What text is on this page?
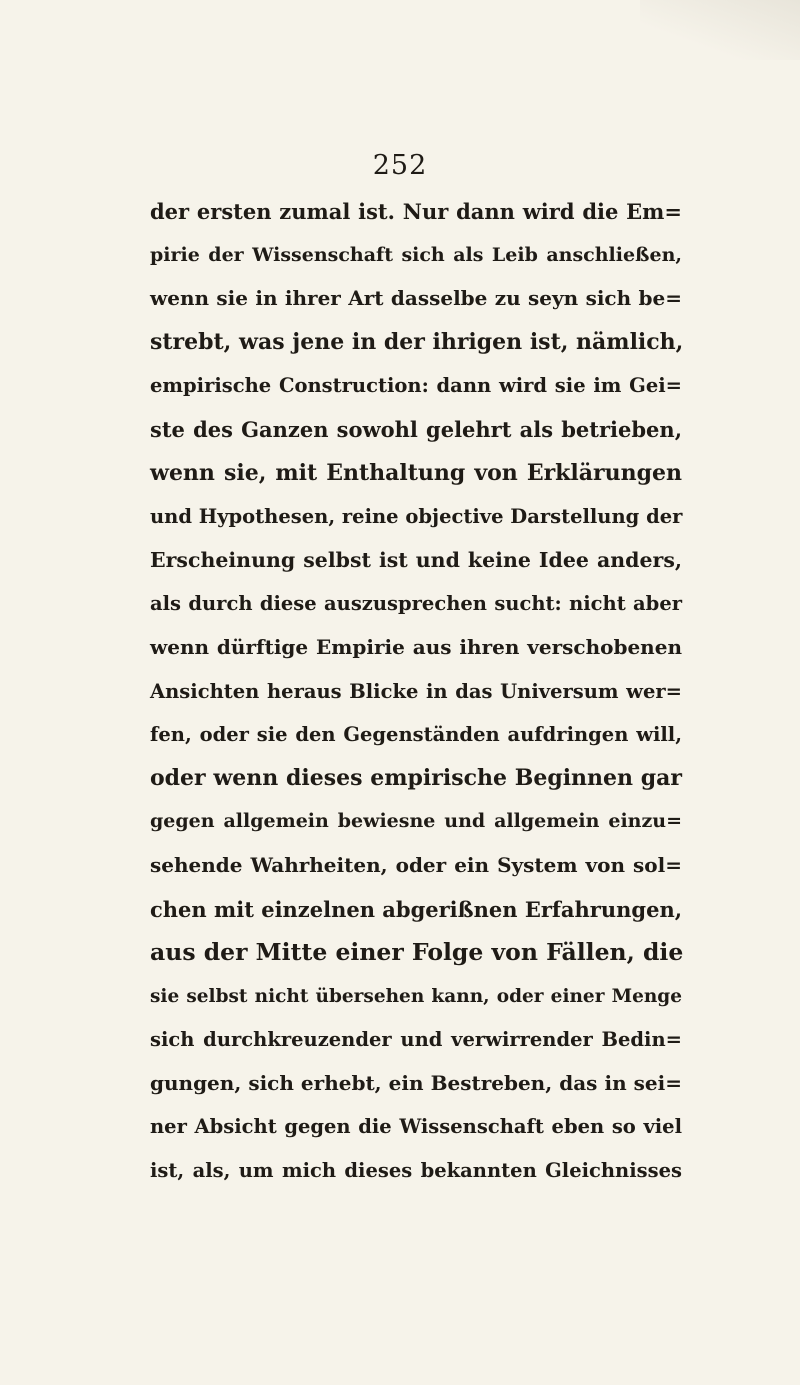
252
der ersten zumal ist. Nur dann wird die Em=
pirie der Wissenschaft sich als Leib anschließen,
wenn sie in ihrer Art dasselbe zu seyn sich be=
strebt, was jene in der ihrigen ist, nämlich,
empirische Construction: dann wird sie im Gei=
ste des Ganzen sowohl gelehrt als betrieben,
wenn sie, mit Enthaltung von Erklärungen
und Hypothesen, reine objective Darstellung der
Erscheinung selbst ist und keine Idee anders,
als durch diese auszusprechen sucht: nicht aber
wenn dürftige Empirie aus ihren verschobenen
Ansichten heraus Blicke in das Universum wer=
fen, oder sie den Gegenständen aufdringen will,
oder wenn dieses empirische Beginnen gar
gegen allgemein bewiesne und allgemein einzu=
sehende Wahrheiten, oder ein System von sol=
chen mit einzelnen abgerißnen Erfahrungen,
aus der Mitte einer Folge von Fällen, die
sie selbst nicht übersehen kann, oder einer Menge
sich durchkreuzender und verwirrender Bedin=
gungen, sich erhebt, ein Bestreben, das in sei=
ner Absicht gegen die Wissenschaft eben so viel
ist, als, um mich dieses bekannten Gleichnisses
